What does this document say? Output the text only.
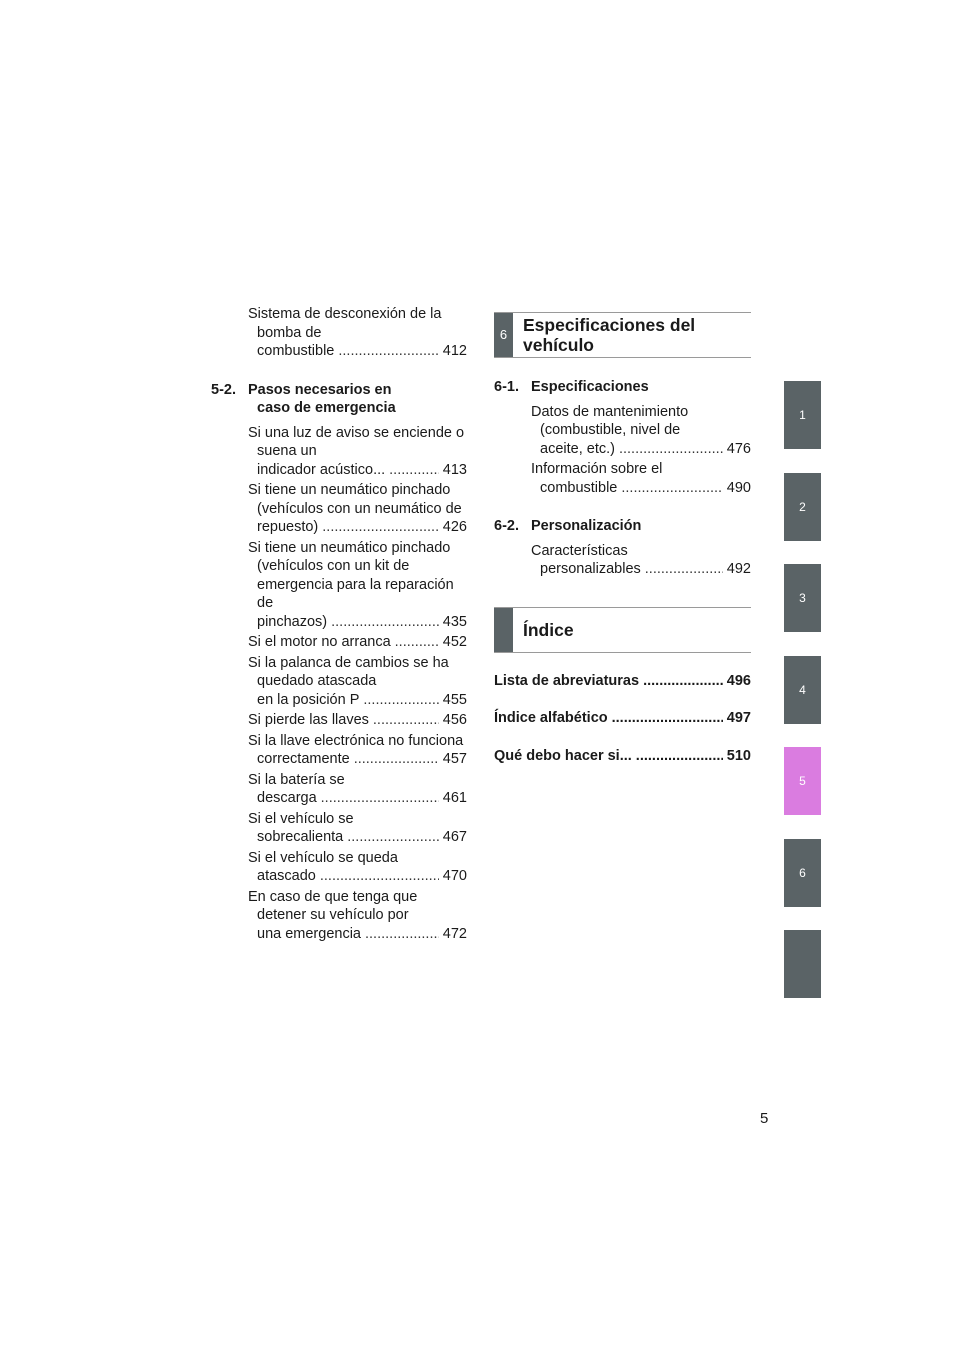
Sistema de desconexión de la bomba de
combustible .....	412
5-2. Pasos necesarios en
caso de emergencia
Si una luz de aviso se enciende o suena un
indicador acústico... .....	413
Si tiene un neumático pinchado (vehículos con un neumático de
repuesto) .....	426
Si tiene un neumático pinchado (vehículos con un kit de emergencia para la reparación de
pinchazos) .....	435
Si el motor no arranca .....	452
Si la palanca de cambios se ha quedado atascada
en la posición P .....	455
Si pierde las llaves .....	456
Si la llave electrónica no funciona
correctamente .....	457
Si la batería se
descarga .....	461
Si el vehículo se
sobrecalienta .....	467
Si el vehículo se queda
atascado .....	470
En caso de que tenga que detener su vehículo por
una emergencia .....	472
6 Especificaciones del vehículo
6-1. Especificaciones
Datos de mantenimiento (combustible, nivel de
aceite, etc.) .....	476
Información sobre el
combustible .....	490
6-2. Personalización
Características
personalizables .....	492
Índice
Lista de abreviaturas .....	496
Índice alfabético .....	497
Qué debo hacer si... .....	510
1
2
3
4
5
6
5
